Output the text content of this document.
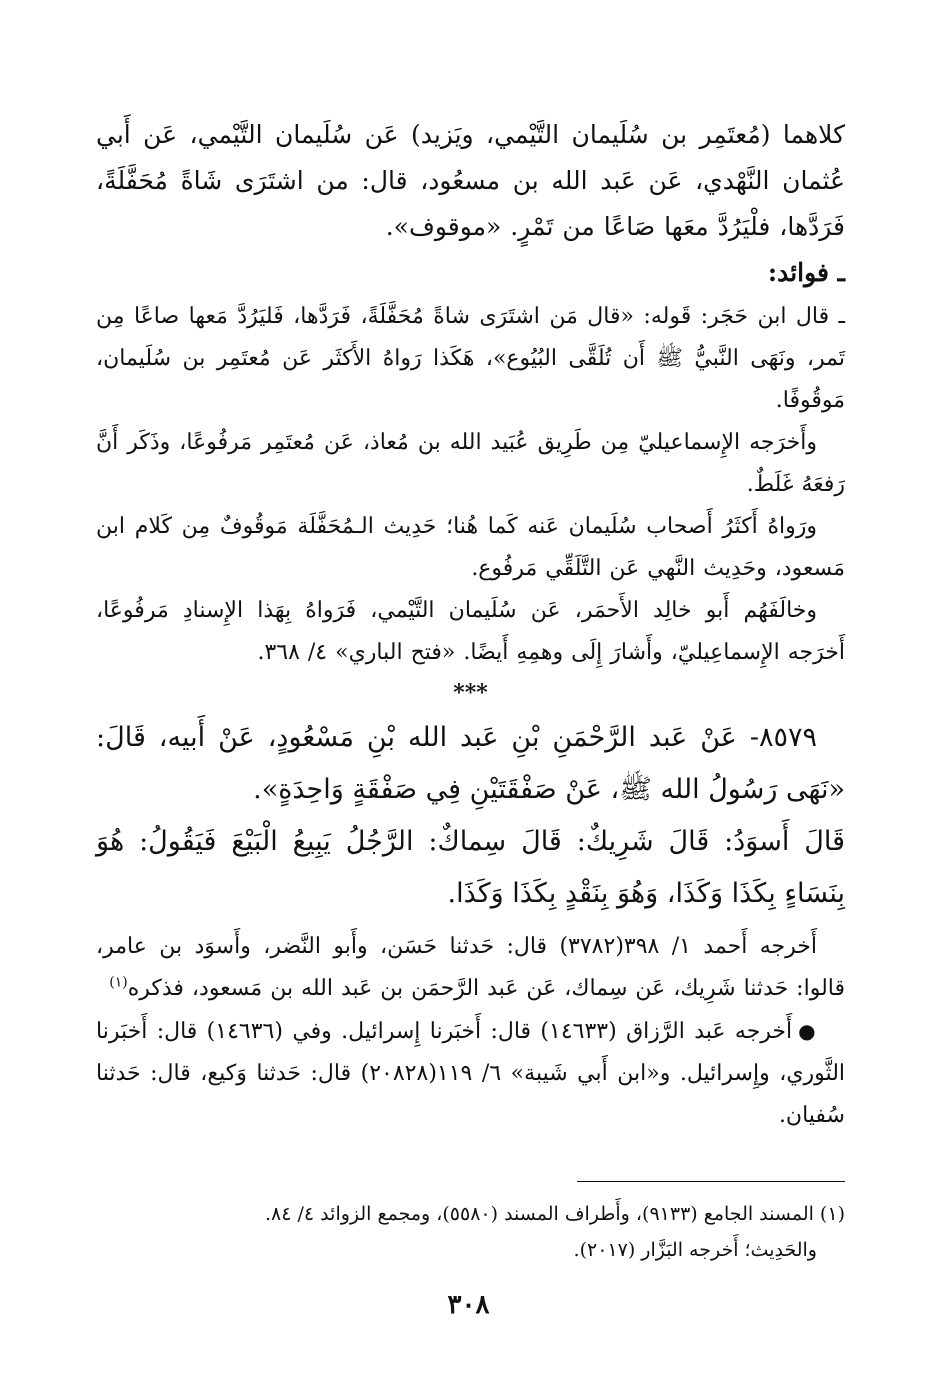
كلاهما (مُعتَمِر بن سُلَيمان التَّيْمي، ويَزيد) عَن سُلَيمان التَّيْمي، عَن أَبي عُثمان النَّهْدي، عَن عَبد الله بن مسعُود، قال: من اشتَرَى شَاةً مُحَفَّلَةً، فَرَدَّها، فلْيَرُدَّ معَها صَاعًا من تَمْرٍ. «موقوف».

ـ فوائد:

ـ قال ابن حَجَر: قَوله: «قال مَن اشتَرَى شاةً مُحَفَّلَةً، فَرَدَّها، فَليَرُدَّ مَعها صاعًا مِن تَمر، ونَهَى النَّبيُّ ﷺ أَن تُلَقَّى البُيُوع»، هَكَذا رَواهُ الأَكثَر عَن مُعتَمِر بن سُلَيمان، مَوقُوفًا.

وأَخرَجه الإِسماعيليّ مِن طَرِيق عُبَيد الله بن مُعاذ، عَن مُعتَمِر مَرفُوعًا، وذَكَر أَنَّ رَفعَهُ غَلَطٌ.

ورَواهُ أَكثَرُ أَصحاب سُلَيمان عَنه كَما هُنا؛ حَدِيث الـمُحَفَّلَة مَوقُوفٌ مِن كَلام ابن مَسعود، وحَدِيث النَّهي عَن التَّلَقِّي مَرفُوع.

وخالَفَهُم أَبو خالِد الأَحمَر، عَن سُلَيمان التَّيْمي، فَرَواهُ بِهَذا الإِسنادِ مَرفُوعًا، أَخرَجه الإِسماعِيليّ، وأَشارَ إِلَى وهمِهِ أَيضًا. «فتح الباري» ٤/ ٣٦٨.

***

٨٥٧٩- عَنْ عَبد الرَّحْمَنِ بْنِ عَبد الله بْنِ مَسْعُودٍ، عَنْ أَبيه، قَالَ: «نَهَى رَسُولُ الله ﷺ، عَنْ صَفْقَتَيْنِ فِي صَفْقَةٍ وَاحِدَةٍ».

قَالَ أَسوَدُ: قَالَ شَرِيكٌ: قَالَ سِماكٌ: الرَّجُلُ يَبِيعُ الْبَيْعَ فَيَقُولُ: هُوَ بِنَسَاءٍ بِكَذَا وَكَذَا، وَهُوَ بِنَقْدٍ بِكَذَا وَكَذَا.

أَخرجه أَحمد ١/ ٣٩٨(٣٧٨٢) قال: حَدثنا حَسَن، وأَبو النَّضر، وأَسوَد بن عامر، قالوا: حَدثنا شَرِيك، عَن سِماك، عَن عَبد الرَّحمَن بن عَبد الله بن مَسعود، فذكره$^{(١)}$

●أَخرجه عَبد الرَّزاق (١٤٦٣٣) قال: أَخبَرنا إِسرائيل. وفي (١٤٦٣٦) قال: أَخبَرنا الثَّوري، وإِسرائيل. و«ابن أَبي شَيبة» ٦/ ١١٩(٢٠٨٢٨) قال: حَدثنا وَكيع، قال: حَدثنا سُفيان.

(١) المسند الجامع (٩١٣٣)، وأَطراف المسند (٥٥٨٠)، ومجمع الزوائد ٤/ ٨٤.

والحَدِيث؛ أَخرجه البَزَّار (٢٠١٧).

٣٠٨
